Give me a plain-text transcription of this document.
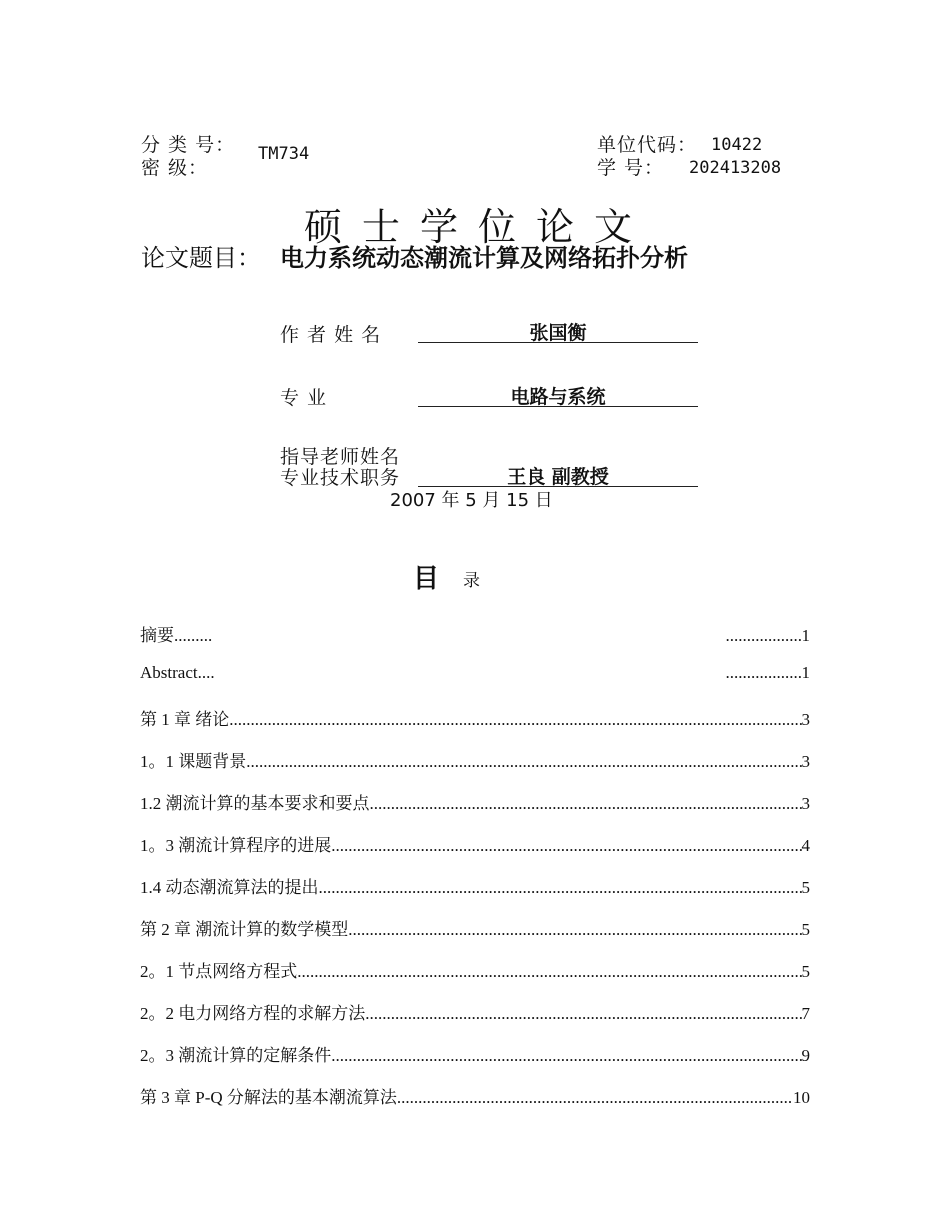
分 类 号： TM734
密 级：
单位代码： 10422
学 号： 202413208
硕士学位论文
论文题目： 电力系统动态潮流计算及网络拓扑分析
作 者 姓 名	张国衡
专 业	电路与系统
指导老师姓名
专业技术职务	王良 副教授
2007 年 5 月 15 日
目 录
摘要......... .....	1
Abstract.... .....	1
第 1 章 绪论 .....	3
1。1 课题背景 .....	3
1.2 潮流计算的基本要求和要点 .....	3
1。3 潮流计算程序的进展 .....	4
1.4 动态潮流算法的提出 .....	5
第 2 章 潮流计算的数学模型 .....	5
2。1 节点网络方程式 .....	5
2。2 电力网络方程的求解方法 .....	7
2。3 潮流计算的定解条件 .....	9
第 3 章 P-Q 分解法的基本潮流算法 .....	10
